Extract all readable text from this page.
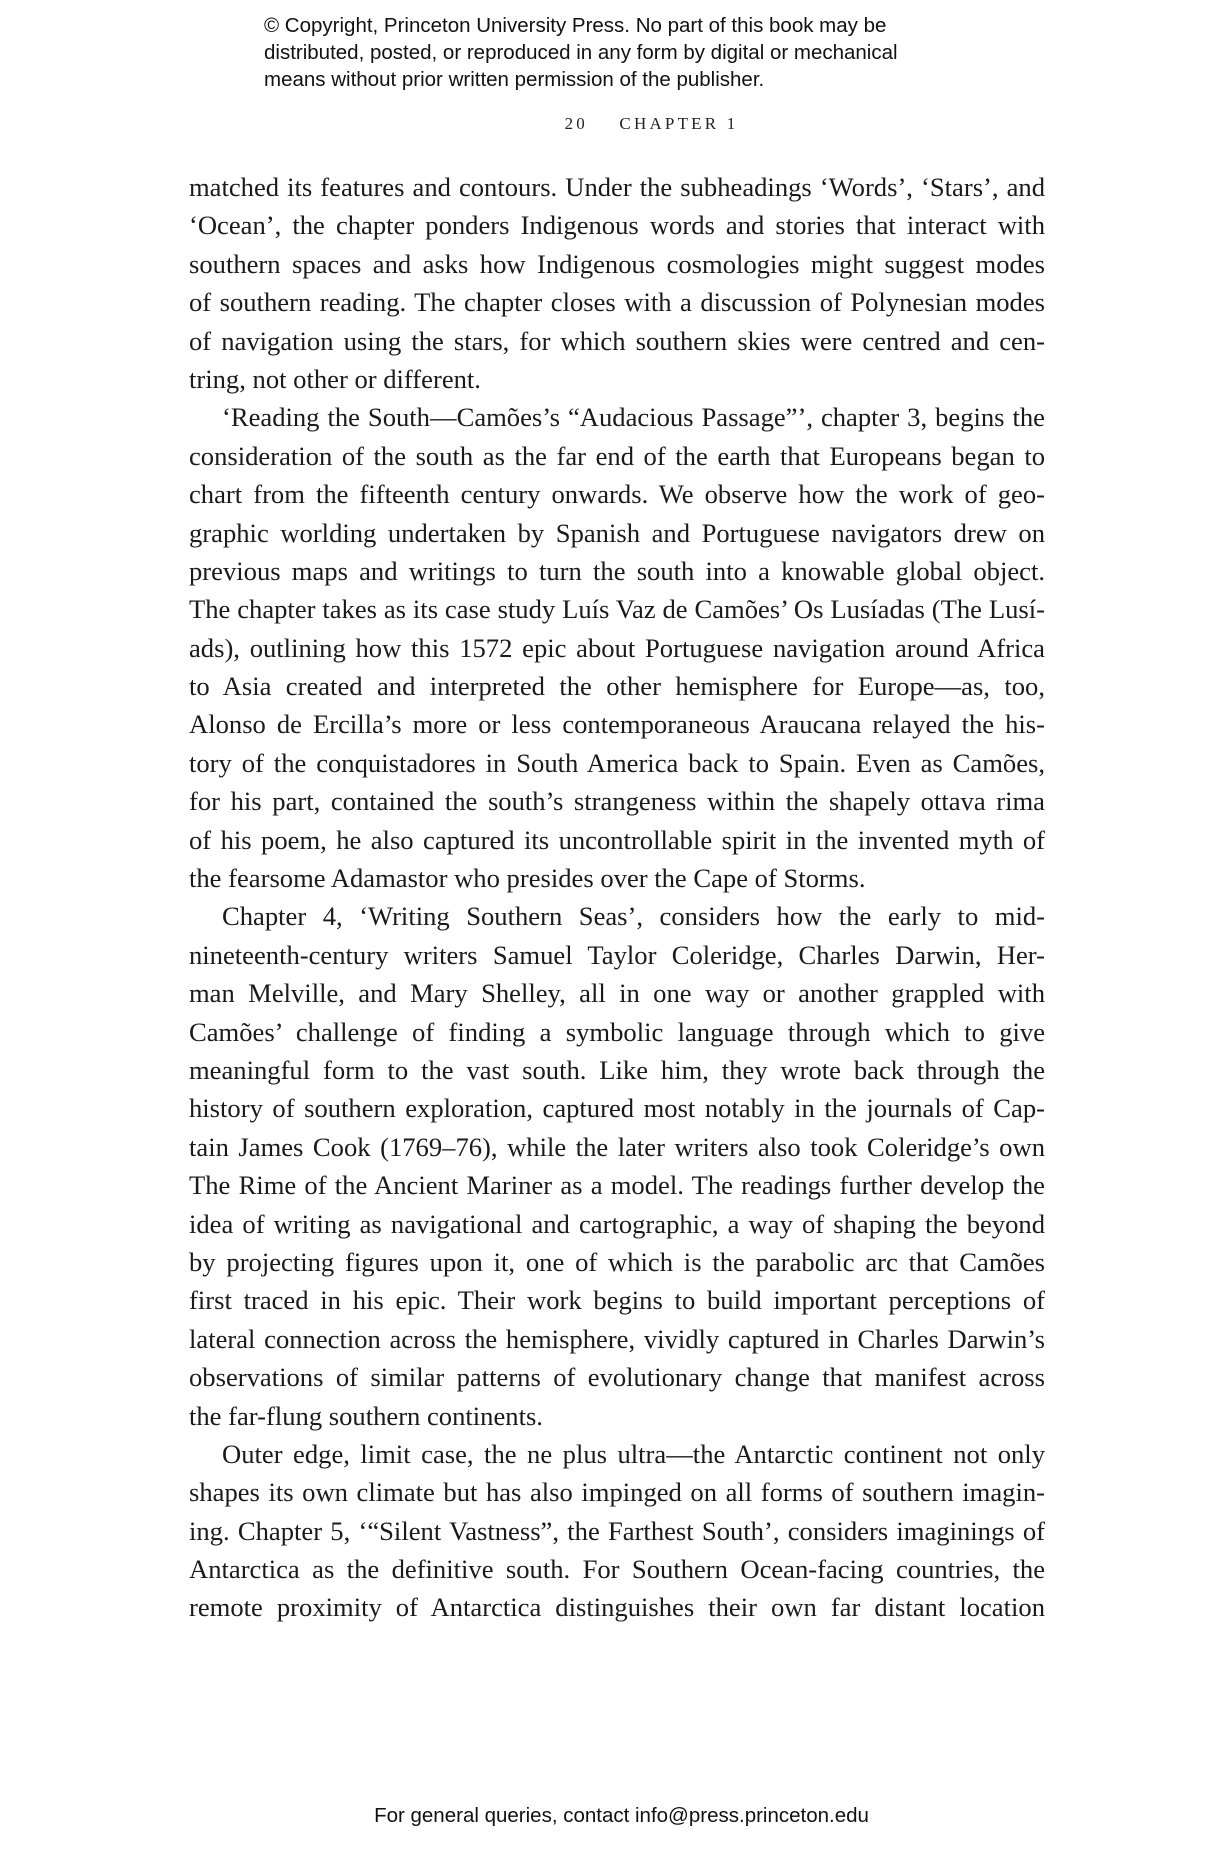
© Copyright, Princeton University Press. No part of this book may be
distributed, posted, or reproduced in any form by digital or mechanical
means without prior written permission of the publisher.
20 CHAPTER 1
matched its features and contours. Under the subheadings ‘Words’, ‘Stars’, and
‘Ocean’, the chapter ponders Indigenous words and stories that interact with
southern spaces and asks how Indigenous cosmologies might suggest modes
of southern reading. The chapter closes with a discussion of Polynesian modes
of navigation using the stars, for which southern skies were centred and cen-
tring, not other or different.
‘Reading the South—Camões’s “Audacious Passage”’, chapter 3, begins the
consideration of the south as the far end of the earth that Europeans began to
chart from the fifteenth century onwards. We observe how the work of geo-
graphic worlding undertaken by Spanish and Portuguese navigators drew on
previous maps and writings to turn the south into a knowable global object.
The chapter takes as its case study Luís Vaz de Camões’ Os Lusíadas (The Lusí-
ads), outlining how this 1572 epic about Portuguese navigation around Africa
to Asia created and interpreted the other hemisphere for Europe—as, too,
Alonso de Ercilla’s more or less contemporaneous Araucana relayed the his-
tory of the conquistadores in South America back to Spain. Even as Camões,
for his part, contained the south’s strangeness within the shapely ottava rima
of his poem, he also captured its uncontrollable spirit in the invented myth of
the fearsome Adamastor who presides over the Cape of Storms.
Chapter 4, ‘Writing Southern Seas’, considers how the early to mid-
nineteenth-century writers Samuel Taylor Coleridge, Charles Darwin, Her-
man Melville, and Mary Shelley, all in one way or another grappled with
Camões’ challenge of finding a symbolic language through which to give
meaningful form to the vast south. Like him, they wrote back through the
history of southern exploration, captured most notably in the journals of Cap-
tain James Cook (1769–76), while the later writers also took Coleridge’s own
The Rime of the Ancient Mariner as a model. The readings further develop the
idea of writing as navigational and cartographic, a way of shaping the beyond
by projecting figures upon it, one of which is the parabolic arc that Camões
first traced in his epic. Their work begins to build important perceptions of
lateral connection across the hemisphere, vividly captured in Charles Darwin’s
observations of similar patterns of evolutionary change that manifest across
the far-flung southern continents.
Outer edge, limit case, the ne plus ultra—the Antarctic continent not only
shapes its own climate but has also impinged on all forms of southern imagin-
ing. Chapter 5, ‘“Silent Vastness”, the Farthest South’, considers imaginings of
Antarctica as the definitive south. For Southern Ocean-facing countries, the
remote proximity of Antarctica distinguishes their own far distant location
For general queries, contact info@press.princeton.edu
